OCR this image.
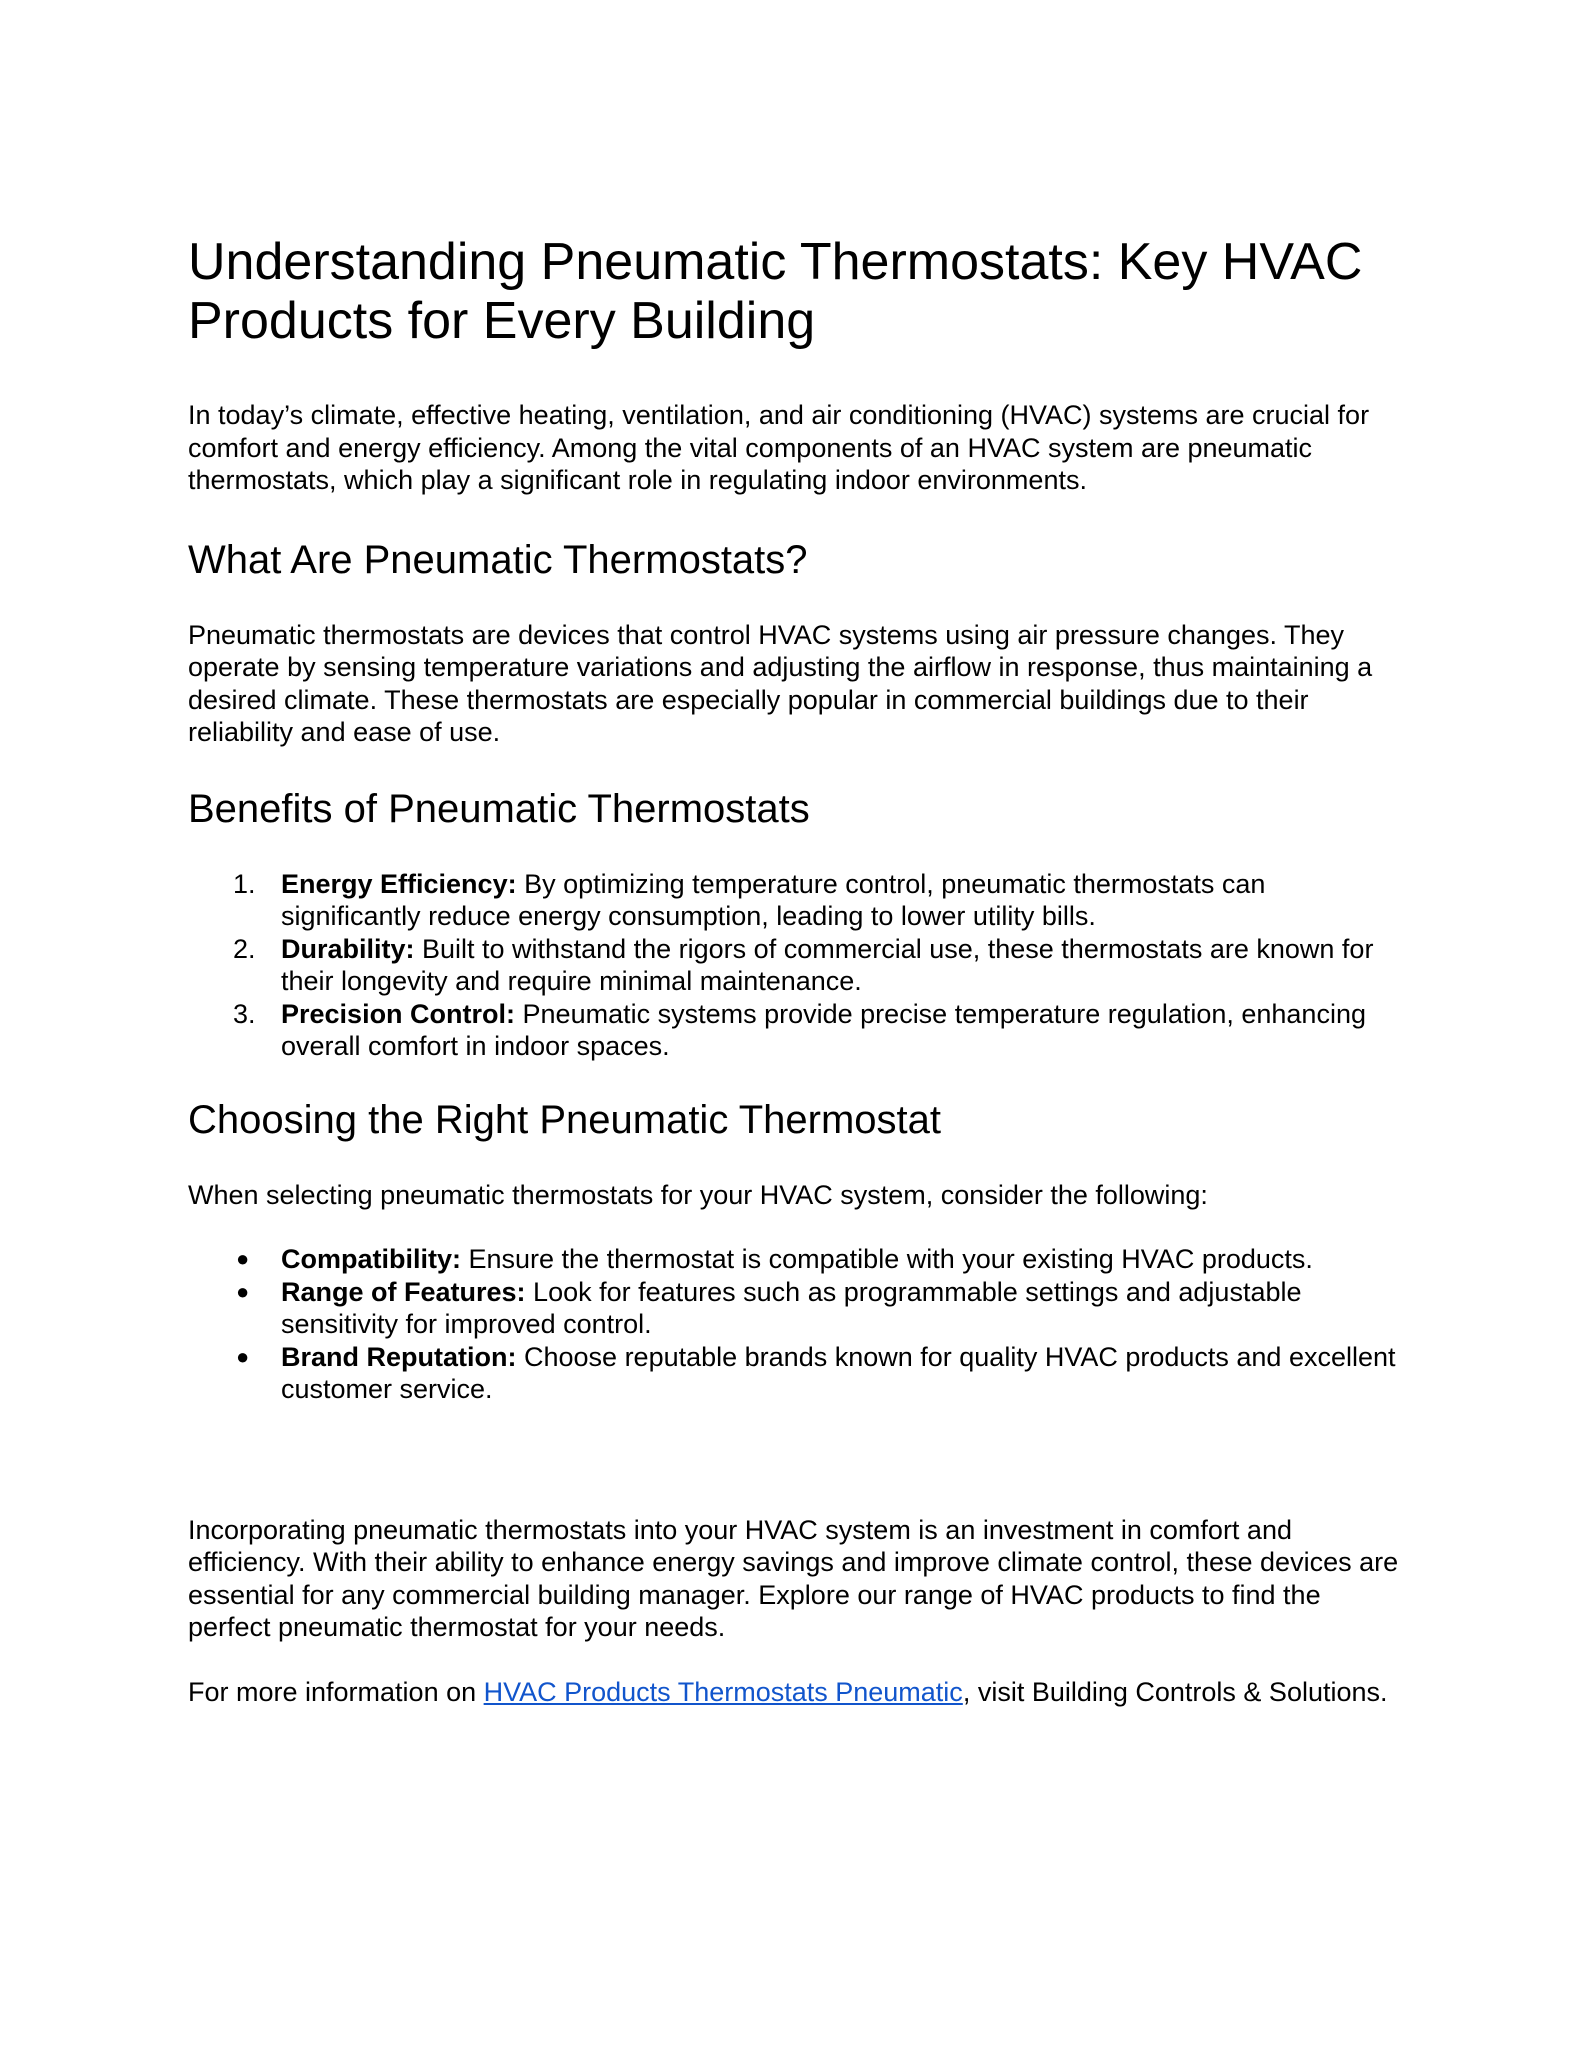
Understanding Pneumatic Thermostats: Key HVAC Products for Every Building

In today’s climate, effective heating, ventilation, and air conditioning (HVAC) systems are crucial for comfort and energy efficiency. Among the vital components of an HVAC system are pneumatic thermostats, which play a significant role in regulating indoor environments.

What Are Pneumatic Thermostats?

Pneumatic thermostats are devices that control HVAC systems using air pressure changes. They operate by sensing temperature variations and adjusting the airflow in response, thus maintaining a desired climate. These thermostats are especially popular in commercial buildings due to their reliability and ease of use.

Benefits of Pneumatic Thermostats
1. Energy Efficiency: By optimizing temperature control, pneumatic thermostats can significantly reduce energy consumption, leading to lower utility bills.
2. Durability: Built to withstand the rigors of commercial use, these thermostats are known for their longevity and require minimal maintenance.
3. Precision Control: Pneumatic systems provide precise temperature regulation, enhancing overall comfort in indoor spaces.
Choosing the Right Pneumatic Thermostat

When selecting pneumatic thermostats for your HVAC system, consider the following:

● Compatibility: Ensure the thermostat is compatible with your existing HVAC products.
● Range of Features: Look for features such as programmable settings and adjustable sensitivity for improved control.
● Brand Reputation: Choose reputable brands known for quality HVAC products and excellent customer service.

Incorporating pneumatic thermostats into your HVAC system is an investment in comfort and efficiency. With their ability to enhance energy savings and improve climate control, these devices are essential for any commercial building manager. Explore our range of HVAC products to find the perfect pneumatic thermostat for your needs.

For more information on HVAC Products Thermostats Pneumatic, visit Building Controls & Solutions.
